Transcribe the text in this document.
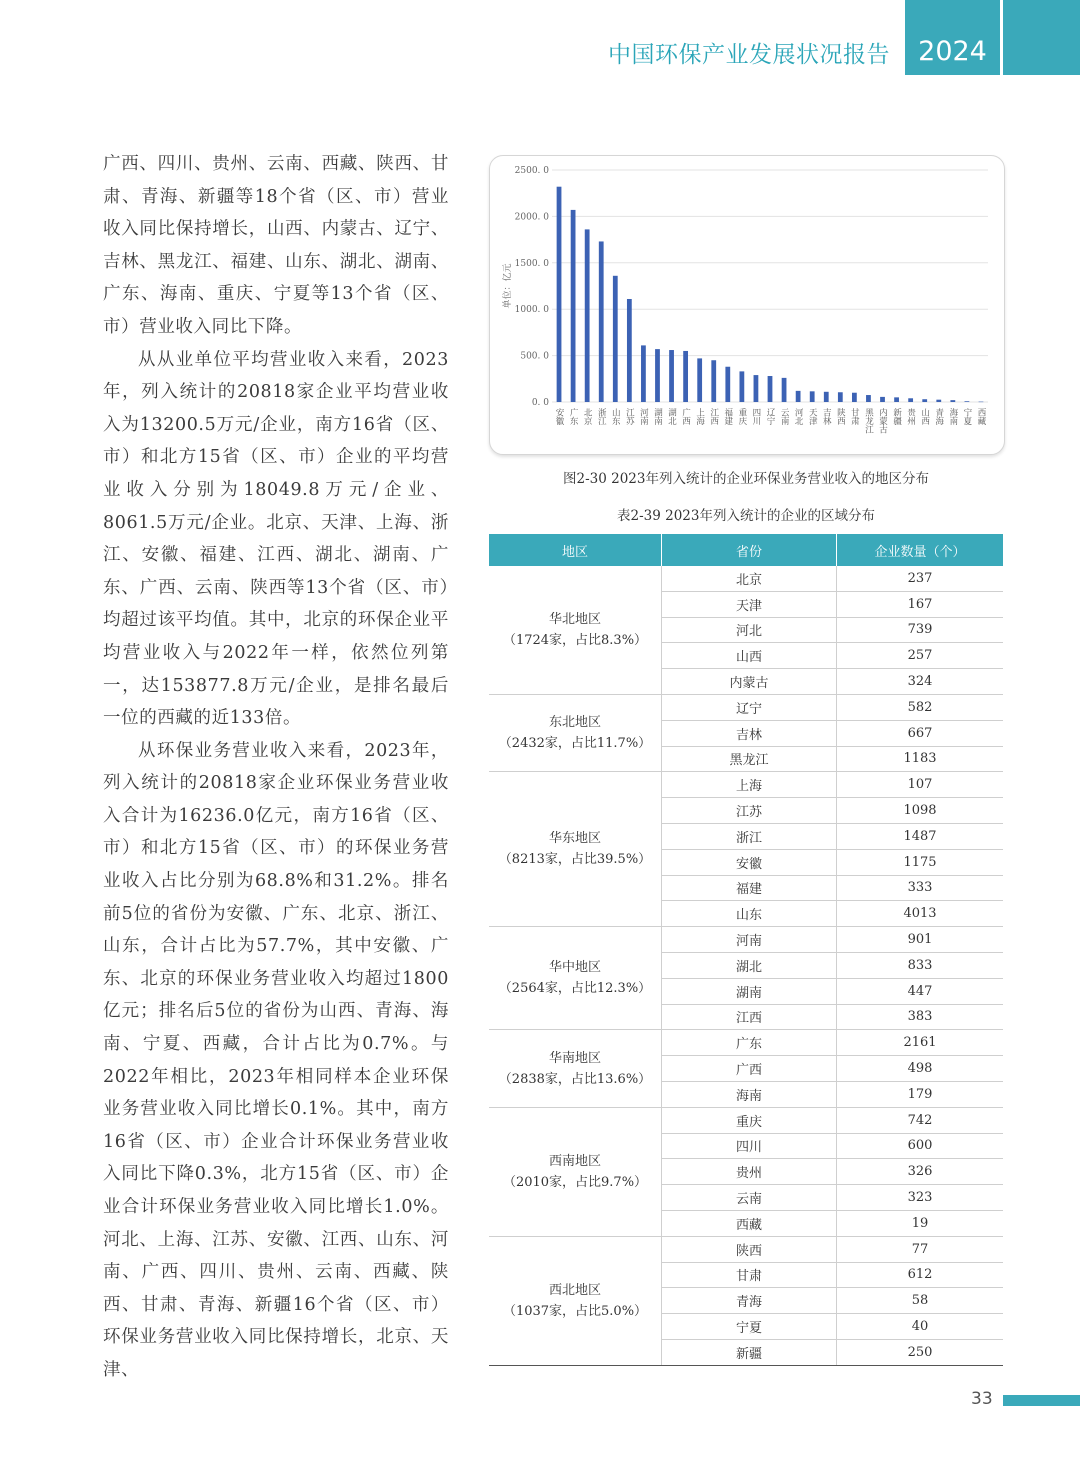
中国环保产业发展状况报告	2024

广西、四川、贵州、云南、西藏、陕西、甘肃、青海、新疆等18个省（区、市）营业收入同比保持增长，山西、内蒙古、辽宁、吉林、黑龙江、福建、山东、湖北、湖南、广东、海南、重庆、宁夏等13个省（区、市）营业收入同比下降。

从从业单位平均营业收入来看，2023年，列入统计的20818家企业平均营业收入为13200.5万元/企业，南方16省（区、市）和北方15省（区、市）企业的平均营业收入分别为18049.8万元/企业、8061.5万元/企业。北京、天津、上海、浙江、安徽、福建、江西、湖北、湖南、广东、广西、云南、陕西等13个省（区、市）均超过该平均值。其中，北京的环保企业平均营业收入与2022年一样，依然位列第一，达153877.8万元/企业，是排名最后一位的西藏的近133倍。

从环保业务营业收入来看，2023年，列入统计的20818家企业环保业务营业收入合计为16236.0亿元，南方16省（区、市）和北方15省（区、市）的环保业务营业收入占比分别为68.8%和31.2%。排名前5位的省份为安徽、广东、北京、浙江、山东，合计占比为57.7%，其中安徽、广东、北京的环保业务营业收入均超过1800亿元；排名后5位的省份为山西、青海、海南、宁夏、西藏，合计占比为0.7%。与2022年相比，2023年相同样本企业环保业务营业收入同比增长0.1%。其中，南方16省（区、市）企业合计环保业务营业收入同比下降0.3%，北方15省（区、市）企业合计环保业务营业收入同比增长1.0%。河北、上海、江苏、安徽、江西、山东、河南、广西、四川、贵州、云南、西藏、陕西、甘肃、青海、新疆16个省（区、市）环保业务营业收入同比保持增长，北京、天津、

2500. 0
2000. 0
1500. 0
1000. 0
500. 0
0. 0
单位：亿元
安徽 广东 北京 浙江 山东 江苏 河南 湖南 湖北 广西 上海 江西 福建 重庆 四川 辽宁 云南 河北 天津 吉林 陕西 甘肃 黑龙江 内蒙古 新疆 贵州 山西 青海 海南 宁夏 西藏
图2-30 2023年列入统计的企业环保业务营业收入的地区分布
表2-39 2023年列入统计的企业的区域分布
地区	省份	企业数量（个）

华北地区
（1724家，占比8.3%）	北京	237
	天津	167
	河北	739
	山西	257
	内蒙古	324

东北地区
（2432家，占比11.7%）	辽宁	582
	吉林	667
	黑龙江	1183

华东地区
（8213家，占比39.5%）	上海	107
	江苏	1098
	浙江	1487
	安徽	1175
	福建	333
	山东	4013

华中地区
（2564家，占比12.3%）	河南	901
	湖北	833
	湖南	447
	江西	383

华南地区
（2838家，占比13.6%）	广东	2161
	广西	498
	海南	179

西南地区
（2010家，占比9.7%）	重庆	742
	四川	600
	贵州	326
	云南	323
	西藏	19

西北地区
（1037家，占比5.0%）	陕西	77
	甘肃	612
	青海	58
	宁夏	40
	新疆	250
33
